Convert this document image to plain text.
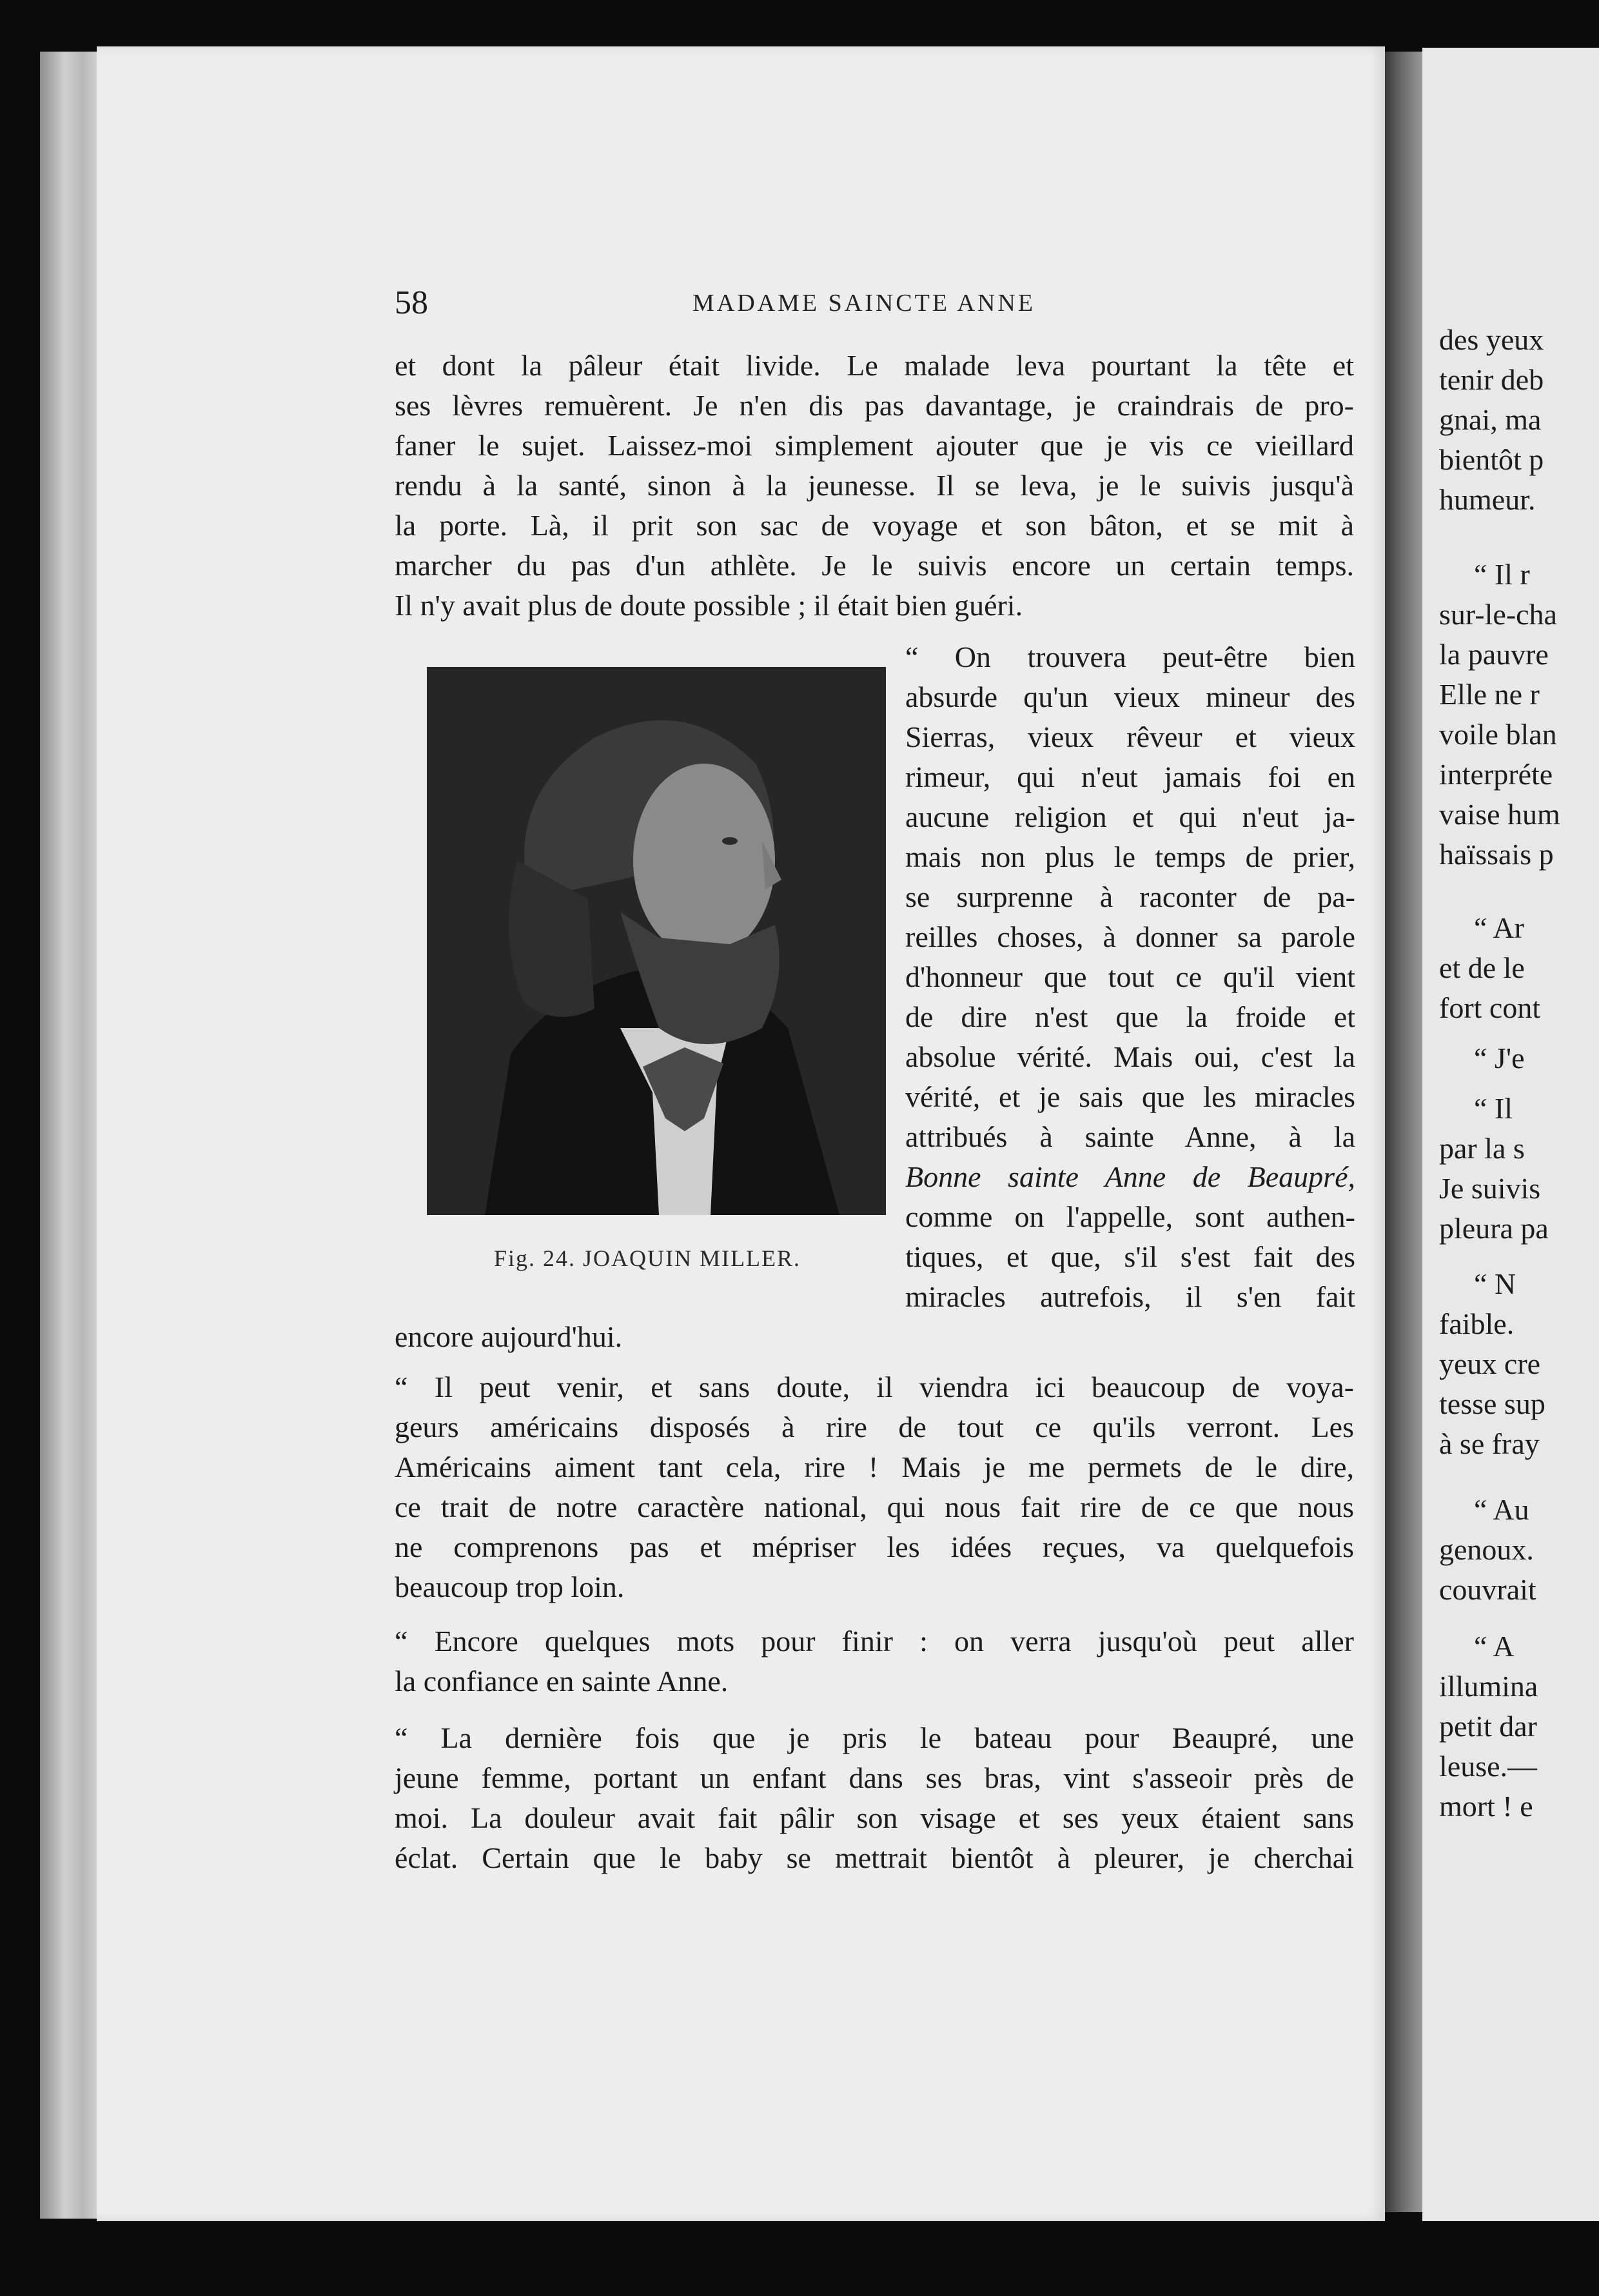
58	MADAME SAINCTE ANNE
et dont la pâleur était livide. Le malade leva pourtant la tête et
ses lèvres remuèrent. Je n'en dis pas davantage, je craindrais de pro-
faner le sujet. Laissez-moi simplement ajouter que je vis ce vieillard
rendu à la santé, sinon à la jeunesse. Il se leva, je le suivis jusqu'à
la porte. Là, il prit son sac de voyage et son bâton, et se mit à
marcher du pas d'un athlète. Je le suivis encore un certain temps.
Il n'y avait plus de doute possible ; il était bien guéri.
“ On trouvera peut-être bien
absurde qu'un vieux mineur des
Sierras, vieux rêveur et vieux
rimeur, qui n'eut jamais foi en
aucune religion et qui n'eut ja-
mais non plus le temps de prier,
se surprenne à raconter de pa-
reilles choses, à donner sa parole
d'honneur que tout ce qu'il vient
de dire n'est que la froide et
absolue vérité. Mais oui, c'est la
vérité, et je sais que les miracles
attribués à sainte Anne, à la
Bonne sainte Anne de Beaupré,
comme on l'appelle, sont authen-
tiques, et que, s'il s'est fait des
miracles autrefois, il s'en fait
Fig. 24. JOAQUIN MILLER.
encore aujourd'hui.
“ Il peut venir, et sans doute, il viendra ici beaucoup de voya-
geurs américains disposés à rire de tout ce qu'ils verront. Les
Américains aiment tant cela, rire ! Mais je me permets de le dire,
ce trait de notre caractère national, qui nous fait rire de ce que nous
ne comprenons pas et mépriser les idées reçues, va quelquefois
beaucoup trop loin.
“ Encore quelques mots pour finir : on verra jusqu'où peut aller
la confiance en sainte Anne.
“ La dernière fois que je pris le bateau pour Beaupré, une
jeune femme, portant un enfant dans ses bras, vint s'asseoir près de
moi. La douleur avait fait pâlir son visage et ses yeux étaient sans
éclat. Certain que le baby se mettrait bientôt à pleurer, je cherchai
des yeux
tenir deb
gnai, ma
bientôt p
humeur.
“ Il r
sur-le-cha
la pauvre
Elle ne r
voile blan
interpréte
vaise hum
haïssais p
“ Ar
et de le
fort cont
“ J'e
“ Il
par la s
Je suivis
pleura pa
“ N
faible.
yeux cre
tesse sup
à se fray
“ Au
genoux.
couvrait
“ A
illumina
petit dar
leuse.—
mort ! e
